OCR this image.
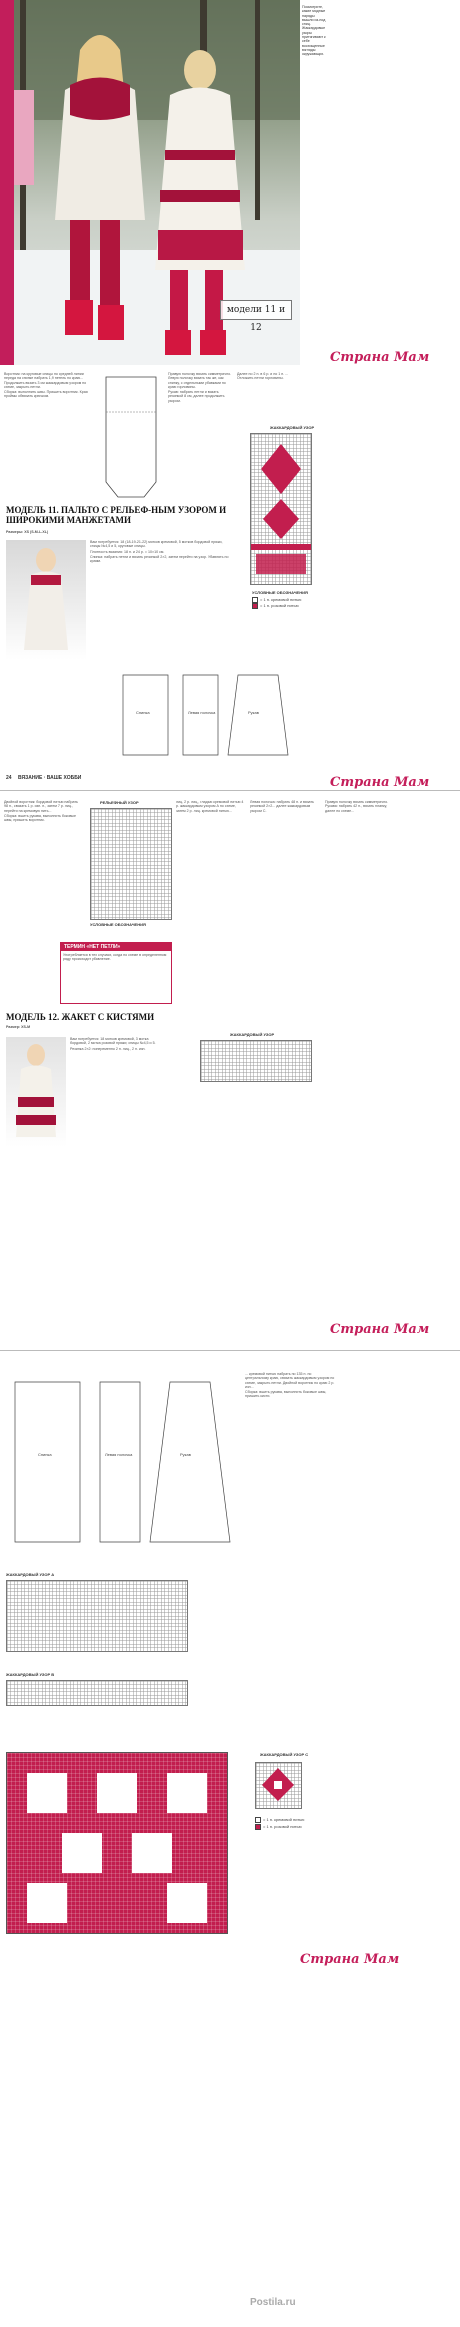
модели 11 и 12

Посмотрите, какие модные наряды вышли из-под спиц. Жаккардовые узоры притягивают к себе восхищенные взгляды окружающих.

Страна Мам

Воротник: на круговые спицы по средней линии переда на спинке набрать 1,9 петель по краю... Продолжить вязать 3 см жаккардовым узором по схеме, закрыть петли.

Сборка: выполнить швы. Пришить воротник. Края проймы обвязать крючком.

Правую полочку вязать симметрично. Левую полочку вязать так же, как спинку, с отдельными убавками по краю горловины.

Рукав: набрать петли и вязать резинкой 8 см, далее продолжить узором.

Далее по 2 п. в 6 р. и по 1 п. ... Отложить петли горловины.

ЖАККАРДОВЫЙ УЗОР
УСЛОВНЫЕ ОБОЗНАЧЕНИЯ
= 1 п. кремовой нитью
= 1 п. розовой нитью
МОДЕЛЬ 11. ПАЛЬТО С РЕЛЬЕФ-НЫМ УЗОРОМ И ШИРОКИМИ МАНЖЕТАМИ
Размеры: XS (S-M-L-XL)

Вам потребуется: 18 (18-19-21-22) мотков кремовой, 5 мотков бордовой пряжи, спицы №4,5 и 5, круговые спицы.

Плотность вязания: 18 п. и 24 р. = 10×10 см.

Спинка: набрать петли и вязать резинкой 2×2, затем перейти на узор. Убавлять по краям.

Спинка	Левая полочка	Рукав
24 ВЯЗАНИЕ · ВАШЕ ХОББИ	Страна Мам

Двойной воротник: бордовой нитью набрать 98 п., связать 1 р. изн. п., затем 7 р. лиц., перейти на кремовую нить...

Сборка: вшить рукава, выполнить боковые швы, пришить воротник.

РЕЛЬЕФНЫЙ УЗОР
УСЛОВНЫЕ ОБОЗНАЧЕНИЯ

лиц. 2 р. лиц., гладью кремовой нитью 4 р. жаккардовым узором А по схеме, затем 2 р. лиц. кремовой нитью...

Левая полочка: набрать 48 п. и вязать резинкой 2×2... далее жаккардовым узором С.

Правую полочку вязать симметрично. Рукава: набрать 42 п., вязать планку, далее по схеме...

ТЕРМИН «НЕТ ПЕТЛИ»
Употребляется в тех случаях, когда по схеме в определенном ряду происходит убавление.
МОДЕЛЬ 12. ЖАКЕТ С КИСТЯМИ
Размер: XS-M

Вам потребуется: 18 мотков кремовой, 3 мотка бордовой, 2 мотка розовой пряжи; спицы №4,5 и 5.

Резинка 2×2: попеременно 2 п. лиц., 2 п. изн.

ЖАККАРДОВЫЙ УЗОР
Страна Мам
Спинка	Левая полочка	Рукав

... кремовой нитью набрать по 135 п. по центральному краю, связать жаккардовым узором по схеме, закрыть петли. Двойной воротник по краю 2 р. изн...

Сборка: вшить рукава, выполнить боковые швы, пришить кисти.

ЖАККАРДОВЫЙ УЗОР А
ЖАККАРДОВЫЙ УЗОР В
ЖАККАРДОВЫЙ УЗОР С
= 1 п. кремовой нитью
= 1 п. розовой нитью
Страна Мам
Postila.ru
